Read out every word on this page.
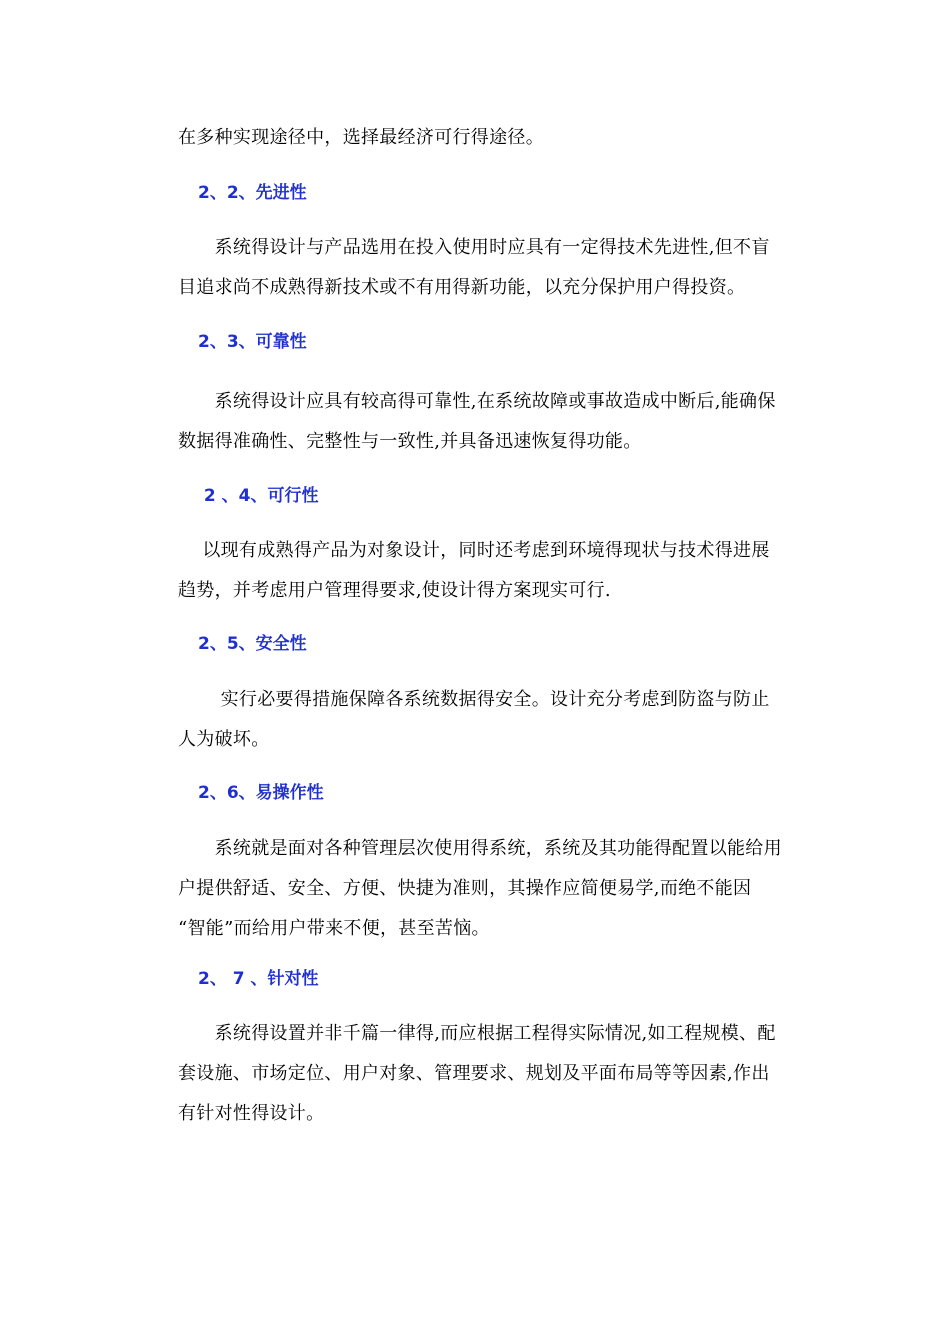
在多种实现途径中，选择最经济可行得途径。
2、2、先进性
　　系统得设计与产品选用在投入使用时应具有一定得技术先进性,但不盲
目追求尚不成熟得新技术或不有用得新功能，以充分保护用户得投资。
2、3、可靠性
　　系统得设计应具有较高得可靠性,在系统故障或事故造成中断后,能确保
数据得准确性、完整性与一致性,并具备迅速恢复得功能。
2 、4、可行性
　 以现有成熟得产品为对象设计，同时还考虑到环境得现状与技术得进展
趋势，并考虑用户管理得要求,使设计得方案现实可行.
2、5、安全性
　　 实行必要得措施保障各系统数据得安全。设计充分考虑到防盗与防止
人为破坏。
2、6、易操作性
　　系统就是面对各种管理层次使用得系统，系统及其功能得配置以能给用
户提供舒适、安全、方便、快捷为准则，其操作应简便易学,而绝不能因
“智能”而给用户带来不便，甚至苦恼。
2、 7 、针对性
　　系统得设置并非千篇一律得,而应根据工程得实际情况,如工程规模、配
套设施、市场定位、用户对象、管理要求、规划及平面布局等等因素,作出
有针对性得设计。
